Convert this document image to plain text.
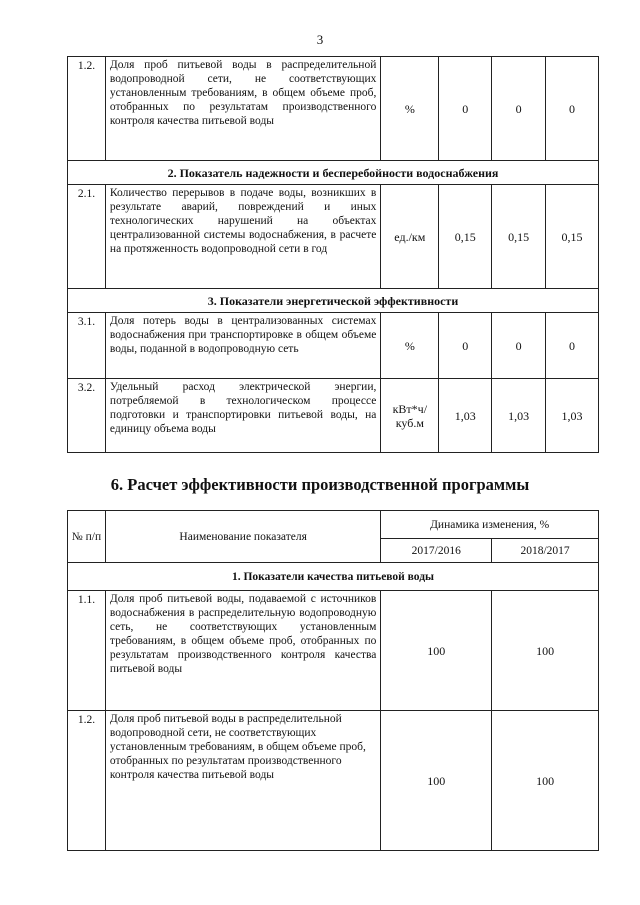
3
1.2.	Доля проб питьевой воды в распределительной водопроводной сети, не соответствующих установленным требованиям, в общем объеме проб, отобранных по результатам производственного контроля качества питьевой воды	%	0	0	0
2. Показатель надежности и бесперебойности водоснабжения					
2.1.	Количество перерывов в подаче воды, возникших в результате аварий, повреждений и иных технологических нарушений на объектах централизованной системы водоснабжения, в расчете на протяженность водопроводной сети в год	ед./км	0,15	0,15	0,15
3. Показатели энергетической эффективности					
3.1.	Доля потерь воды в централизованных системах водоснабжения при транспортировке в общем объеме воды, поданной в водопроводную сеть	%	0	0	0
3.2.	Удельный расход электрической энергии, потребляемой в технологическом процессе подготовки и транспортировки питьевой воды, на единицу объема воды	кВт*ч/ куб.м	1,03	1,03	1,03
6. Расчет эффективности производственной программы
№ п/п	Наименование показателя	Динамика изменения, %	
		2017/2016	2018/2017
1. Показатели качества питьевой воды			
1.1.	Доля проб питьевой воды, подаваемой с источников водоснабжения в распределительную водопроводную сеть, не соответствующих установленным требованиям, в общем объеме проб, отобранных по результатам производственного контроля качества питьевой воды	100	100
1.2.	Доля проб питьевой воды в распределительной водопроводной сети, не соответствующих установленным требованиям, в общем объеме проб, отобранных по результатам производственного контроля качества питьевой воды	100	100
